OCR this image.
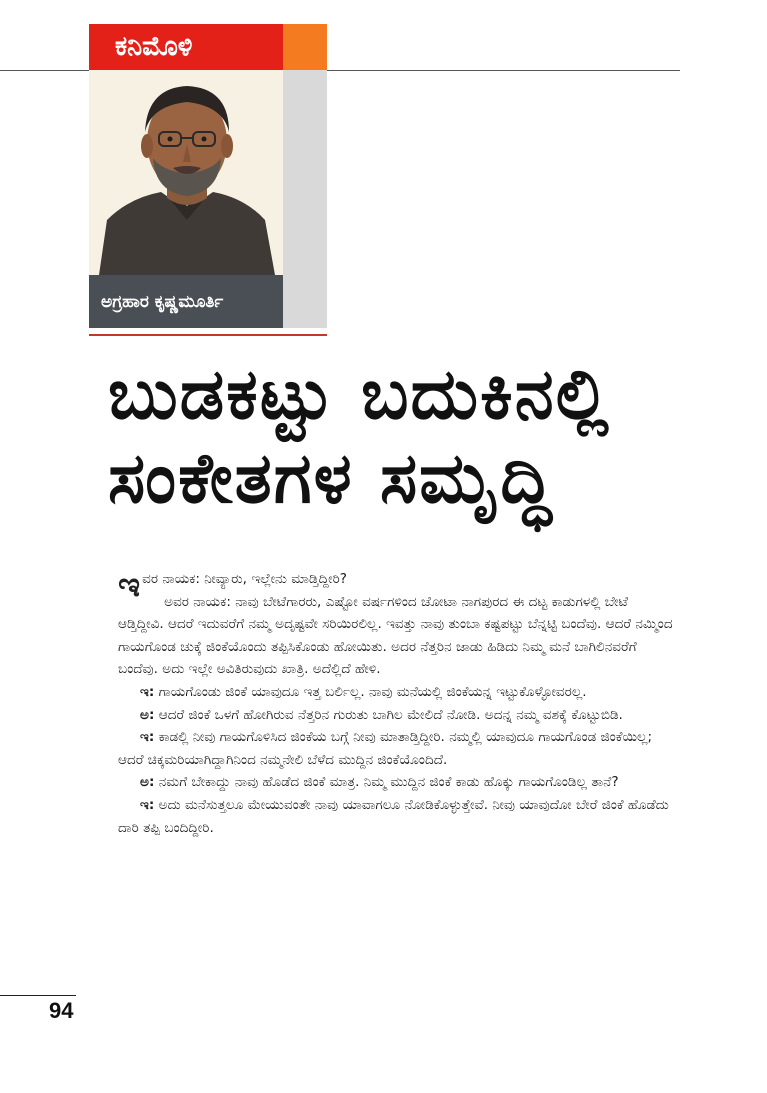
ಕನಿಮೊಳಿ
ಅಗ್ರಹಾರ ಕೃಷ್ಣಮೂರ್ತಿ
ಬುಡಕಟ್ಟು ಬದುಕಿನಲ್ಲಿ
ಸಂಕೇತಗಳ ಸಮೃದ್ಧಿ

ಇವರ ನಾಯಕ: ನೀವ್ಯಾರು, ಇಲ್ಲೇನು ಮಾಡ್ತಿದ್ದೀರಿ?

ಅವರ ನಾಯಕ: ನಾವು ಬೇಟೆಗಾರರು, ಎಷ್ಟೋ ವರ್ಷಗಳಿಂದ ಚೋಟಾ ನಾಗಪುರದ ಈ ದಟ್ಟ ಕಾಡುಗಳಲ್ಲಿ ಬೇಟೆ ಆಡ್ತಿದ್ದೀವಿ. ಆದರೆ ಇದುವರೆಗೆ ನಮ್ಮ ಅದೃಷ್ಟವೇ ಸರಿಯಿರಲಿಲ್ಲ. ಇವತ್ತು ನಾವು ತುಂಬಾ ಕಷ್ಟಪಟ್ಟು ಬೆನ್ನಟ್ಟಿ ಬಂದೆವು. ಆದರೆ ನಮ್ಮಿಂದ ಗಾಯಗೊಂಡ ಚುಕ್ಕೆ ಜಿಂಕೆಯೊಂದು ತಪ್ಪಿಸಿಕೊಂಡು ಹೋಯಿತು. ಅದರ ನೆತ್ತರಿನ ಜಾಡು ಹಿಡಿದು ನಿಮ್ಮ ಮನೆ ಬಾಗಿಲಿನವರೆಗೆ ಬಂದೆವು. ಅದು ಇಲ್ಲೇ ಅವಿತಿರುವುದು ಖಾತ್ರಿ. ಅದೆಲ್ಲಿದೆ ಹೇಳಿ.

ಇ: ಗಾಯಗೊಂಡು ಜಿಂಕೆ ಯಾವುದೂ ಇತ್ತ ಬರ್ಲಿಲ್ಲ. ನಾವು ಮನೆಯಲ್ಲಿ ಜಿಂಕೆಯನ್ನ ಇಟ್ಟುಕೊಳ್ಳೋವರಲ್ಲ.

ಅ: ಆದರೆ ಜಿಂಕೆ ಒಳಗೆ ಹೋಗಿರುವ ನೆತ್ತರಿನ ಗುರುತು ಬಾಗಿಲ ಮೇಲಿದೆ ನೋಡಿ. ಅದನ್ನ ನಮ್ಮ ವಶಕ್ಕೆ ಕೊಟ್ಟುಬಿಡಿ.

ಇ: ಕಾಡಲ್ಲಿ ನೀವು ಗಾಯಗೊಳಿಸಿದ ಜಿಂಕೆಯ ಬಗ್ಗೆ ನೀವು ಮಾತಾಡ್ತಿದ್ದೀರಿ. ನಮ್ಮಲ್ಲಿ ಯಾವುದೂ ಗಾಯಗೊಂಡ ಜಿಂಕೆಯಿಲ್ಲ; ಆದರೆ ಚಿಕ್ಕಮರಿಯಾಗಿದ್ದಾಗಿನಿಂದ ನಮ್ಮನೇಲಿ ಬೆಳೆದ ಮುದ್ದಿನ ಜಿಂಕೆಯೊಂದಿದೆ.

ಅ: ನಮಗೆ ಬೇಕಾದ್ದು ನಾವು ಹೊಡೆದ ಜಿಂಕೆ ಮಾತ್ರ. ನಿಮ್ಮ ಮುದ್ದಿನ ಜಿಂಕೆ ಕಾಡು ಹೊಕ್ಕು ಗಾಯಗೊಂಡಿಲ್ಲ ತಾನೆ?

ಇ: ಅದು ಮನೆಸುತ್ತಲೂ ಮೇಯುವಂತೇ ನಾವು ಯಾವಾಗಲೂ ನೋಡಿಕೊಳ್ಳುತ್ತೇವೆ. ನೀವು ಯಾವುದೋ ಬೇರೆ ಜಿಂಕೆ ಹೊಡೆದು ದಾರಿ ತಪ್ಪಿ ಬಂದಿದ್ದೀರಿ.

94
